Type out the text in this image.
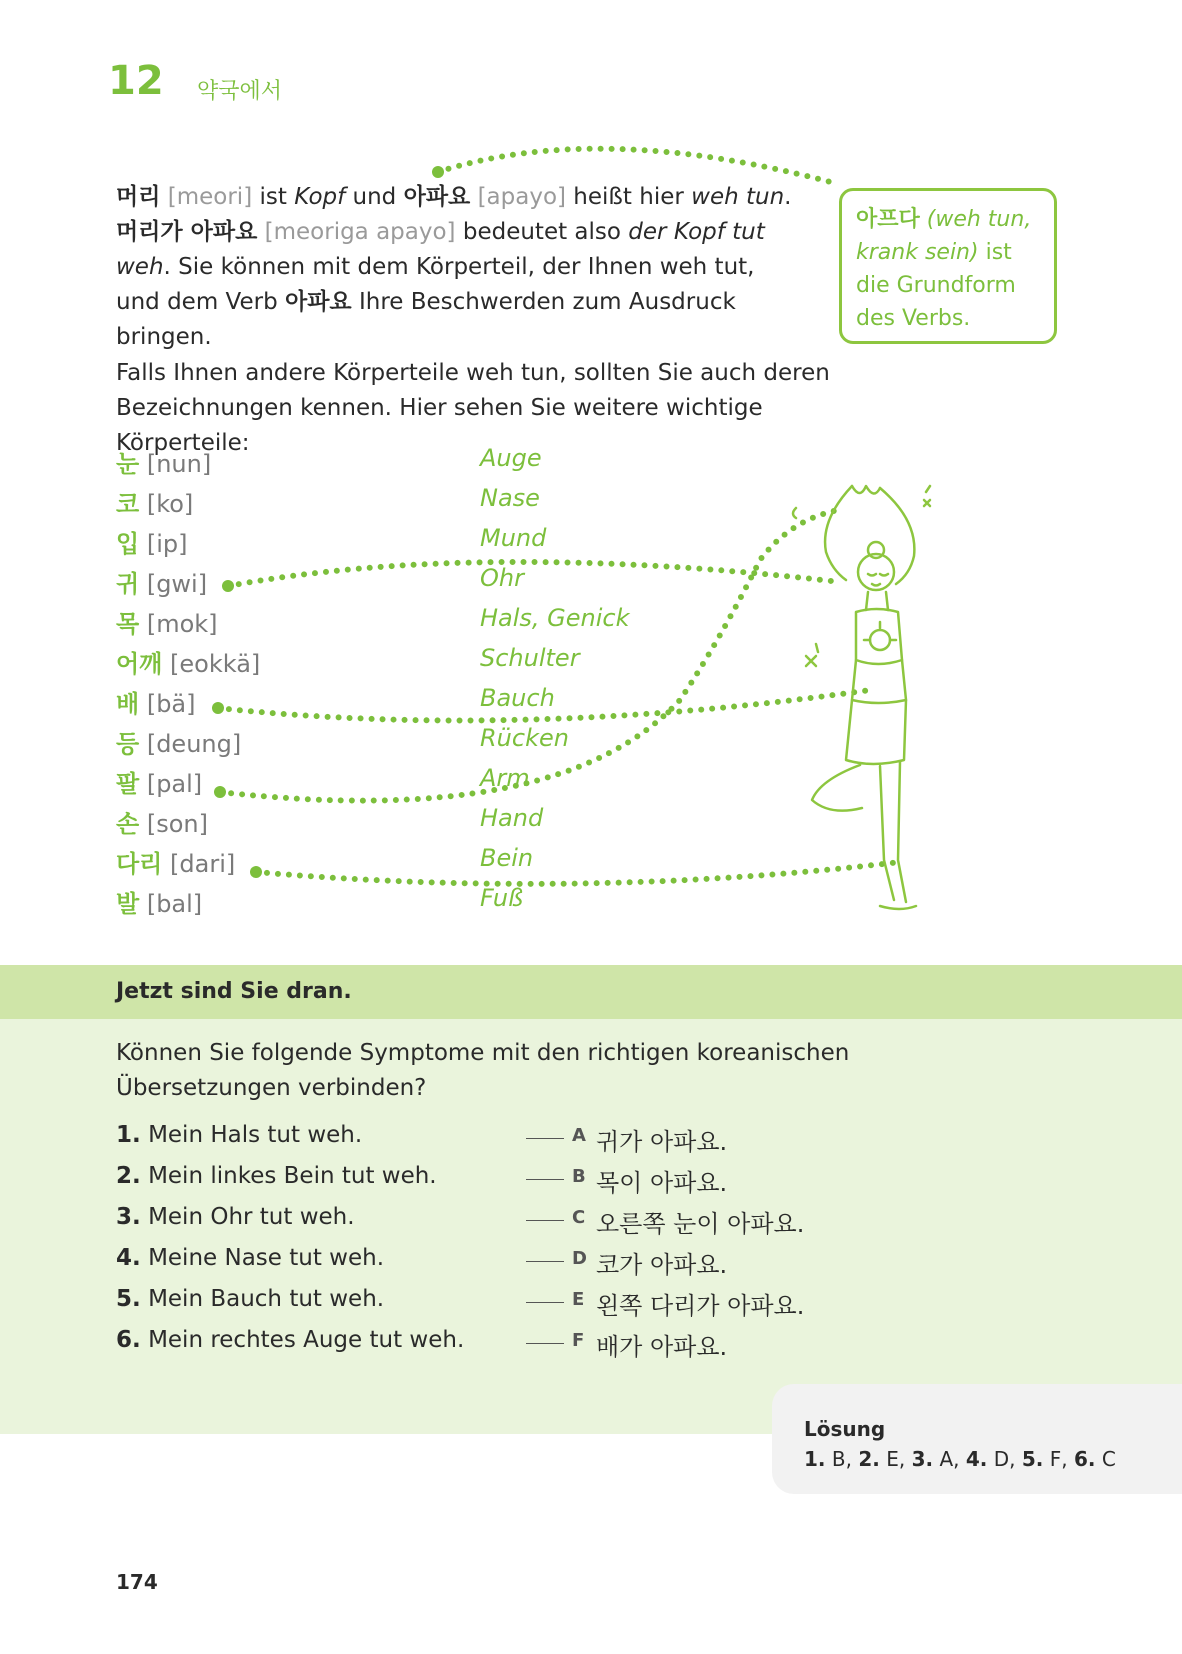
12 약국에서
머리 [meori] ist Kopf und 아파요 [apayo] heißt hier weh tun.
머리가 아파요 [meoriga apayo] bedeutet also der Kopf tut weh. Sie können mit dem Körperteil, der Ihnen weh tut, und dem Verb 아파요 Ihre Beschwerden zum Ausdruck bringen.
아프다 (weh tun, krank sein) ist die Grundform des Verbs.
Falls Ihnen andere Körperteile weh tun, sollten Sie auch deren Bezeichnungen kennen. Hier sehen Sie weitere wichtige Körperteile:
눈 [nun]	Auge
코 [ko]	Nase
입 [ip]	Mund
귀 [gwi]	Ohr
목 [mok]	Hals, Genick
어깨 [eokkä]	Schulter
배 [bä]	Bauch
등 [deung]	Rücken
팔 [pal]	Arm
손 [son]	Hand
다리 [dari]	Bein
발 [bal]	Fuß
Jetzt sind Sie dran.
Können Sie folgende Symptome mit den richtigen koreanischen Übersetzungen verbinden?
1. Mein Hals tut weh.	A 귀가 아파요.
2. Mein linkes Bein tut weh.	B 목이 아파요.
3. Mein Ohr tut weh.	C 오른쪽 눈이 아파요.
4. Meine Nase tut weh.	D 코가 아파요.
5. Mein Bauch tut weh.	E 왼쪽 다리가 아파요.
6. Mein rechtes Auge tut weh.	F 배가 아파요.
Lösung
1. B, 2. E, 3. A, 4. D, 5. F, 6. C
174
